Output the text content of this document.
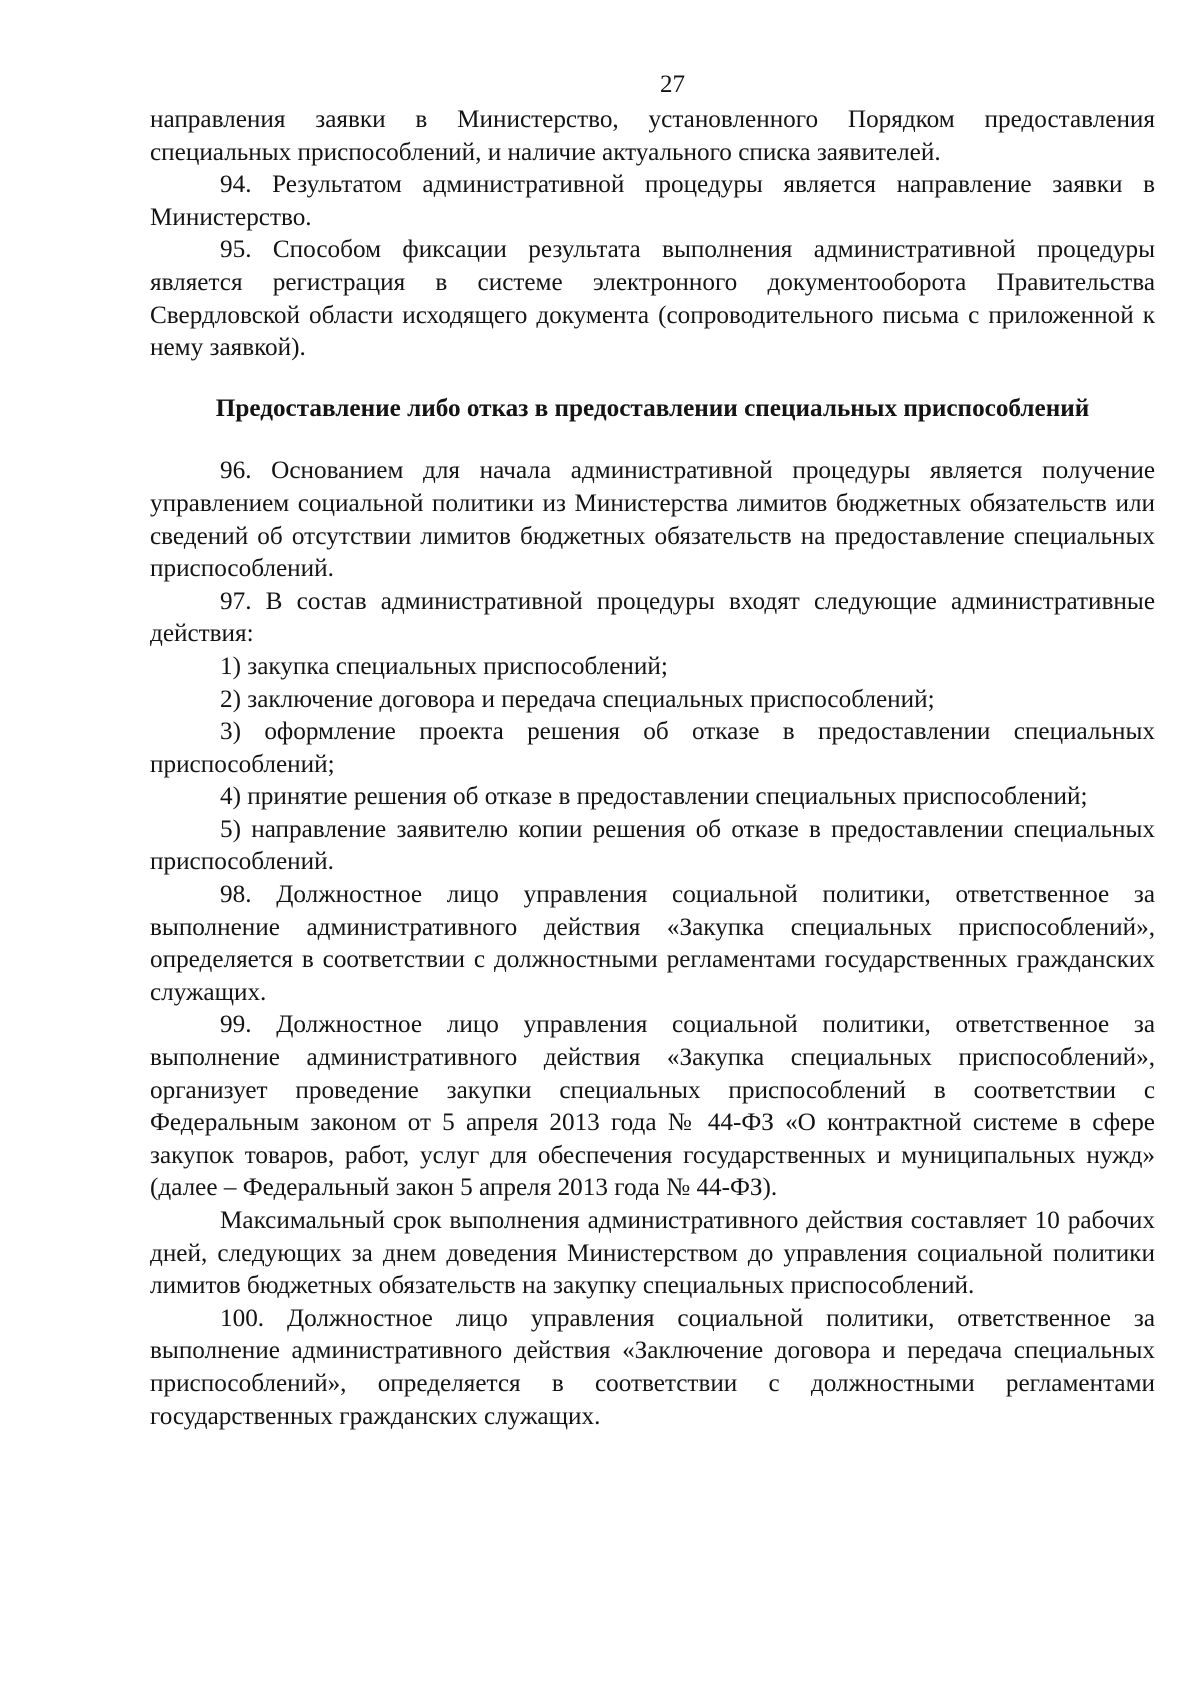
27

направления заявки в Министерство, установленного Порядком предоставления специальных приспособлений, и наличие актуального списка заявителей.

94. Результатом административной процедуры является направление заявки в Министерство.

95. Способом фиксации результата выполнения административной процедуры является регистрация в системе электронного документооборота Правительства Свердловской области исходящего документа (сопроводительного письма с приложенной к нему заявкой).

Предоставление либо отказ в предоставлении специальных приспособлений

96. Основанием для начала административной процедуры является получение управлением социальной политики из Министерства лимитов бюджетных обязательств или сведений об отсутствии лимитов бюджетных обязательств на предоставление специальных приспособлений.

97. В состав административной процедуры входят следующие административные действия:

1) закупка специальных приспособлений;

2) заключение договора и передача специальных приспособлений;

3) оформление проекта решения об отказе в предоставлении специальных приспособлений;

4) принятие решения об отказе в предоставлении специальных приспособлений;

5) направление заявителю копии решения об отказе в предоставлении специальных приспособлений.

98. Должностное лицо управления социальной политики, ответственное за выполнение административного действия «Закупка специальных приспособлений», определяется в соответствии с должностными регламентами государственных гражданских служащих.

99. Должностное лицо управления социальной политики, ответственное за выполнение административного действия «Закупка специальных приспособлений», организует проведение закупки специальных приспособлений в соответствии с Федеральным законом от 5 апреля 2013 года № 44-ФЗ «О контрактной системе в сфере закупок товаров, работ, услуг для обеспечения государственных и муниципальных нужд» (далее – Федеральный закон 5 апреля 2013 года № 44-ФЗ).

Максимальный срок выполнения административного действия составляет 10 рабочих дней, следующих за днем доведения Министерством до управления социальной политики лимитов бюджетных обязательств на закупку специальных приспособлений.

100. Должностное лицо управления социальной политики, ответственное за выполнение административного действия «Заключение договора и передача специальных приспособлений», определяется в соответствии с должностными регламентами государственных гражданских служащих.
